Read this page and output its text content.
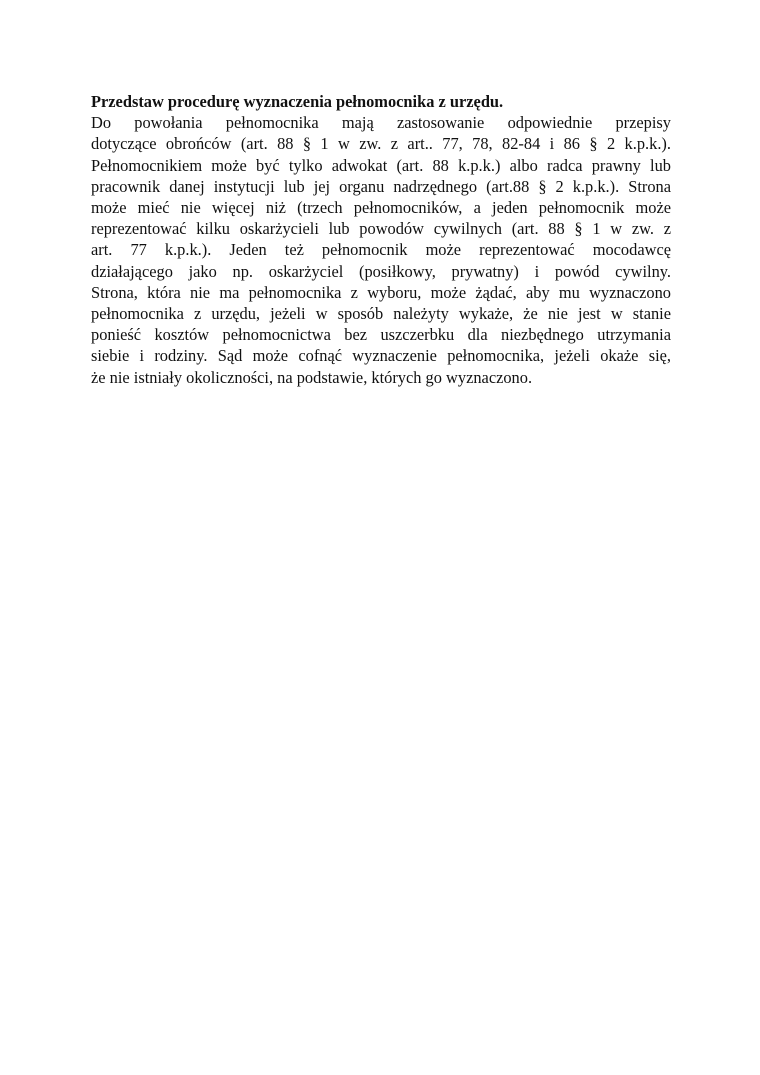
Przedstaw procedurę wyznaczenia pełnomocnika z urzędu.

Do powołania pełnomocnika mają zastosowanie odpowiednie przepisy
dotyczące obrońców (art. 88 § 1 w zw. z art.. 77, 78, 82-84 i 86 § 2 k.p.k.).
Pełnomocnikiem może być tylko adwokat (art. 88 k.p.k.) albo radca prawny lub
pracownik danej instytucji lub jej organu nadrzędnego (art.88 § 2 k.p.k.). Strona
może mieć nie więcej niż (trzech pełnomocników, a jeden pełnomocnik może
reprezentować kilku oskarżycieli lub powodów cywilnych (art. 88 § 1 w zw. z
art. 77 k.p.k.). Jeden też pełnomocnik może reprezentować mocodawcę
działającego jako np. oskarżyciel (posiłkowy, prywatny) i powód cywilny.
Strona, która nie ma pełnomocnika z wyboru, może żądać, aby mu wyznaczono
pełnomocnika z urzędu, jeżeli w sposób należyty wykaże, że nie jest w stanie
ponieść kosztów pełnomocnictwa bez uszczerbku dla niezbędnego utrzymania
siebie i rodziny. Sąd może cofnąć wyznaczenie pełnomocnika, jeżeli okaże się,
że nie istniały okoliczności, na podstawie, których go wyznaczono.
